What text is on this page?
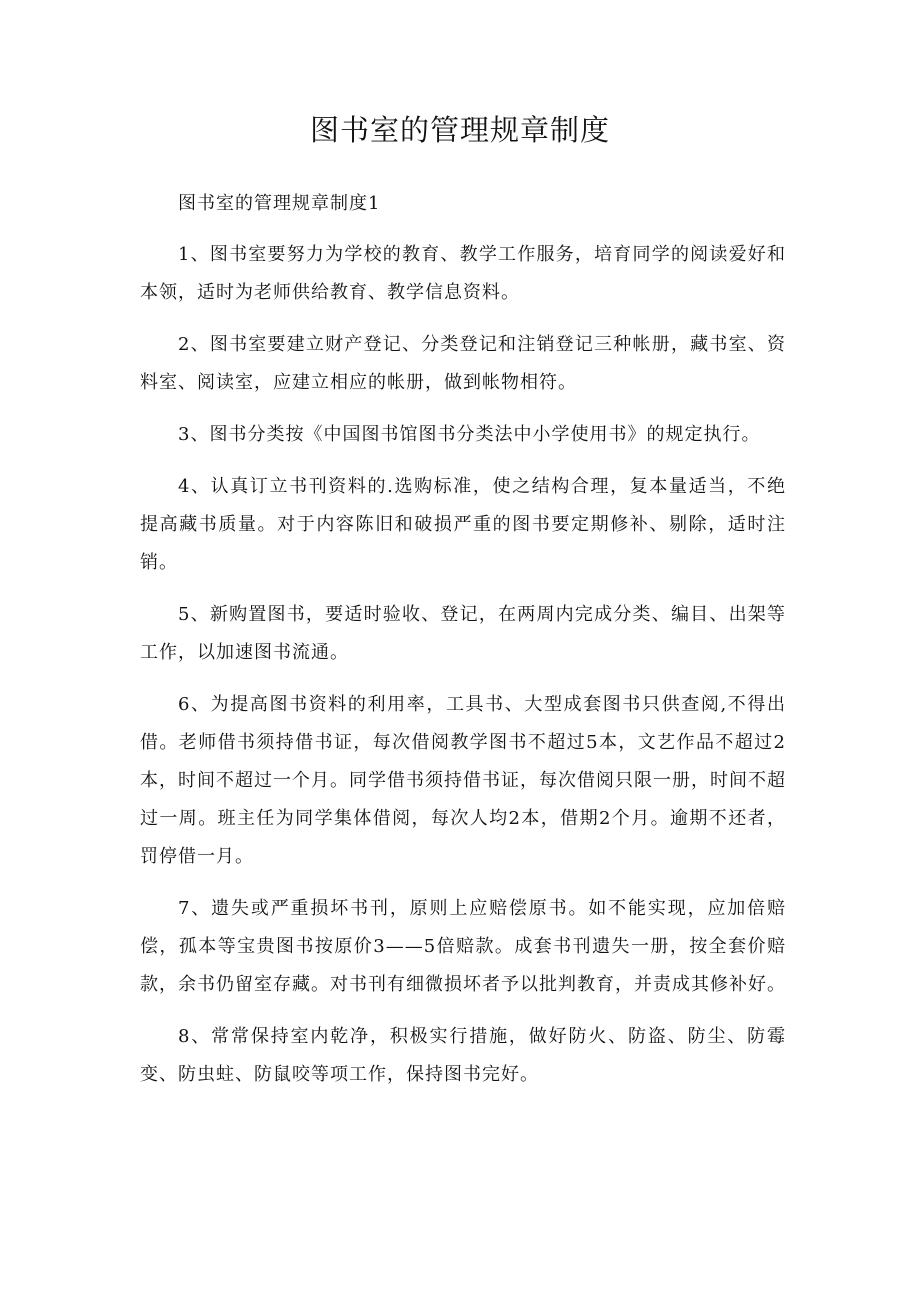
图书室的管理规章制度

图书室的管理规章制度1

1、图书室要努力为学校的教育、教学工作服务，培育同学的阅读爱好和本领，适时为老师供给教育、教学信息资料。

2、图书室要建立财产登记、分类登记和注销登记三种帐册，藏书室、资料室、阅读室，应建立相应的帐册，做到帐物相符。

3、图书分类按《中国图书馆图书分类法中小学使用书》的规定执行。

4、认真订立书刊资料的.选购标准，使之结构合理，复本量适当，不绝提高藏书质量。对于内容陈旧和破损严重的图书要定期修补、剔除，适时注销。

5、新购置图书，要适时验收、登记，在两周内完成分类、编目、出架等工作，以加速图书流通。

6、为提高图书资料的利用率，工具书、大型成套图书只供查阅,不得出借。老师借书须持借书证，每次借阅教学图书不超过5本，文艺作品不超过2本，时间不超过一个月。同学借书须持借书证，每次借阅只限一册，时间不超过一周。班主任为同学集体借阅，每次人均2本，借期2个月。逾期不还者，罚停借一月。

7、遗失或严重损坏书刊，原则上应赔偿原书。如不能实现，应加倍赔偿，孤本等宝贵图书按原价3——5倍赔款。成套书刊遗失一册，按全套价赔款，余书仍留室存藏。对书刊有细微损坏者予以批判教育，并责成其修补好。

8、常常保持室内乾净，积极实行措施，做好防火、防盗、防尘、防霉变、防虫蛀、防鼠咬等项工作，保持图书完好。
